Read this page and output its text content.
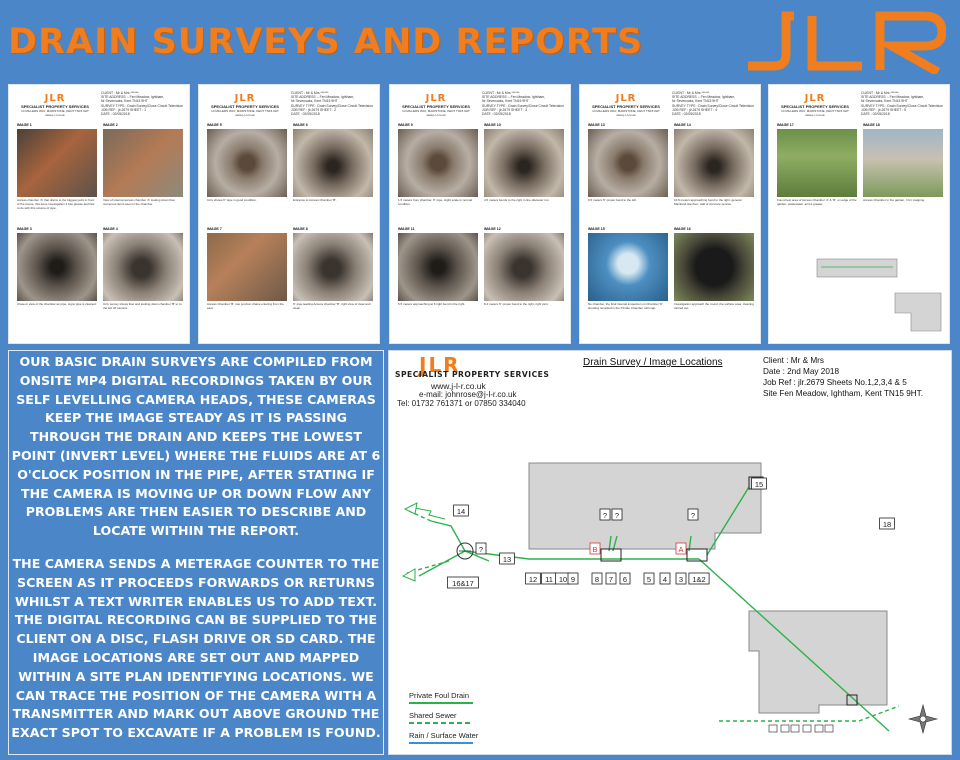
DRAIN SURVEYS AND REPORTS
JLR
SPECIALIST PROPERTY SERVICES
14 MILLERS WAY, MAIDSTONE, KENT TN15 9HT
www.j-l-r.co.uk
CLIENT : Mr & Mrs ******
SITE ADDRESS :- Fen Meadow, Ightham,
Nr Sevenoaks, Kent TN15 9HT
SURVEY TYPE : Drain Survey/Close Circuit Television
JOB REF : jlr.2679 SHEET : 1
DATE : 02/05/2018
IMAGE 1
Access chamber 'A' that drains to the biggest point in front of the house, this done investigation it has grease and fats to do with this volume of pipe.
IMAGE 2
View of internal access chamber 'A' looking down flow, numerous items seen in the chamber.
IMAGE 3
Close-in view of the chamber as pipe, signs pipe is cleaned.
IMAGE 4
Cctv survey shows flow and looking down chamber 'B' to to the left off camera.
JLR
SPECIALIST PROPERTY SERVICES
14 MILLERS WAY, MAIDSTONE, KENT TN15 9HT
www.j-l-r.co.uk
CLIENT : Mr & Mrs ******
SITE ADDRESS :- Fen Meadow, Ightham,
Nr Sevenoaks, Kent TN15 9HT
SURVEY TYPE : Drain Survey/Close Circuit Television
JOB REF : jlr.2679 SHEET : 2
DATE : 02/05/2018
IMAGE 5
Cctv shows 6" pipe in good condition.
IMAGE 6
Entrance to Access Chamber 'B'.
IMAGE 7
Access Chamber 'B', two junction drains entering from the east.
IMAGE 8
6" pipe leading Access chamber 'B', right view of clear and clean.
JLR
SPECIALIST PROPERTY SERVICES
14 MILLERS WAY, MAIDSTONE, KENT TN15 9HT
www.j-l-r.co.uk
CLIENT : Mr & Mrs ******
SITE ADDRESS :- Fen Meadow, Ightham,
Nr Sevenoaks, Kent TN15 9HT
SURVEY TYPE : Drain Survey/Close Circuit Television
JOB REF : jlr.2679 SHEET : 3
DATE : 02/05/2018
IMAGE 9
1.5 meters from chamber. 6" pipe, slight scale in normal condition.
IMAGE 10
4.5 meters bends to the right in line diameter run.
IMAGE 11
6.5 meters approaching at 6 right bend in the right.
IMAGE 12
8.4 meters 6" proper bend to the right, right joint.
JLR
SPECIALIST PROPERTY SERVICES
14 MILLERS WAY, MAIDSTONE, KENT TN15 9HT
www.j-l-r.co.uk
CLIENT : Mr & Mrs ******
SITE ADDRESS :- Fen Meadow, Ightham,
Nr Sevenoaks, Kent TN15 9HT
SURVEY TYPE : Drain Survey/Close Circuit Television
JOB REF : jlr.2679 SHEET : 4
DATE : 02/05/2018
IMAGE 13
9.5 meters 6" proper bend to the left.
IMAGE 14
10.5 meters approaching bend to the right, general Mainland site floor, wall of concrete service.
IMAGE 15
No chamber, the final internal inspection on Chamber 'D' showing recorded in the Private Chamber call map.
IMAGE 16
Investigation approach the round, the surface area, cleaning carried out.
JLR
SPECIALIST PROPERTY SERVICES
14 MILLERS WAY, MAIDSTONE, KENT TN15 9HT
www.j-l-r.co.uk
CLIENT : Mr & Mrs ******
SITE ADDRESS :- Fen Meadow, Ightham,
Nr Sevenoaks, Kent TN15 9HT
SURVEY TYPE : Drain Survey/Close Circuit Television
JOB REF : jlr.2679 SHEET : 5
DATE : 02/05/2018
IMAGE 17
Found test area of Access Chamber 'A' & 'B', on edge of the garden, wastewater, and a grease.
IMAGE 18
Access Chamber in the garden, 4 for mapping.

OUR BASIC DRAIN SURVEYS ARE COMPILED FROM ONSITE MP4 DIGITAL RECORDINGS TAKEN BY OUR SELF LEVELLING CAMERA HEADS, THESE CAMERAS KEEP THE IMAGE STEADY AS IT IS PASSING THROUGH THE DRAIN AND KEEPS THE LOWEST POINT (INVERT LEVEL) WHERE THE FLUIDS ARE AT 6 O'CLOCK POSITION IN THE PIPE, AFTER STATING IF THE CAMERA IS MOVING UP OR DOWN FLOW ANY PROBLEMS ARE THEN EASIER TO DESCRIBE AND LOCATE WITHIN THE REPORT.

THE CAMERA SENDS A METERAGE COUNTER TO THE SCREEN AS IT PROCEEDS FORWARDS OR RETURNS WHILST A TEXT WRITER ENABLES US TO ADD TEXT. THE DIGITAL RECORDING CAN BE SUPPLIED TO THE CLIENT ON A DISC, FLASH DRIVE OR SD CARD. THE IMAGE LOCATIONS ARE SET OUT AND MAPPED WITHIN A SITE PLAN IDENTIFYING LOCATIONS. WE CAN TRACE THE POSITION OF THE CAMERA WITH A TRANSMITTER AND MARK OUT ABOVE GROUND THE EXACT SPOT TO EXCAVATE IF A PROBLEM IS FOUND.

JLR
SPECIALIST PROPERTY SERVICES
www.j-l-r.co.uk
e-mail: johnrose@j-l-r.co.uk
Tel: 01732 761371 or 07850 334040
Drain Survey / Image Locations	Client : Mr & Mrs
Date : 2nd May 2018
Job Ref : jlr.2679 Sheets No.1,2,3,4 & 5
Site Fen Meadow, Ightham, Kent TN15 9HT.
14
13
16&17	12 11 10 9	8 7 6	5 4 3 1&2
15
18
B	A
?
? ?	?
Private Foul Drain
Shared Sewer
Rain / Surface Water
